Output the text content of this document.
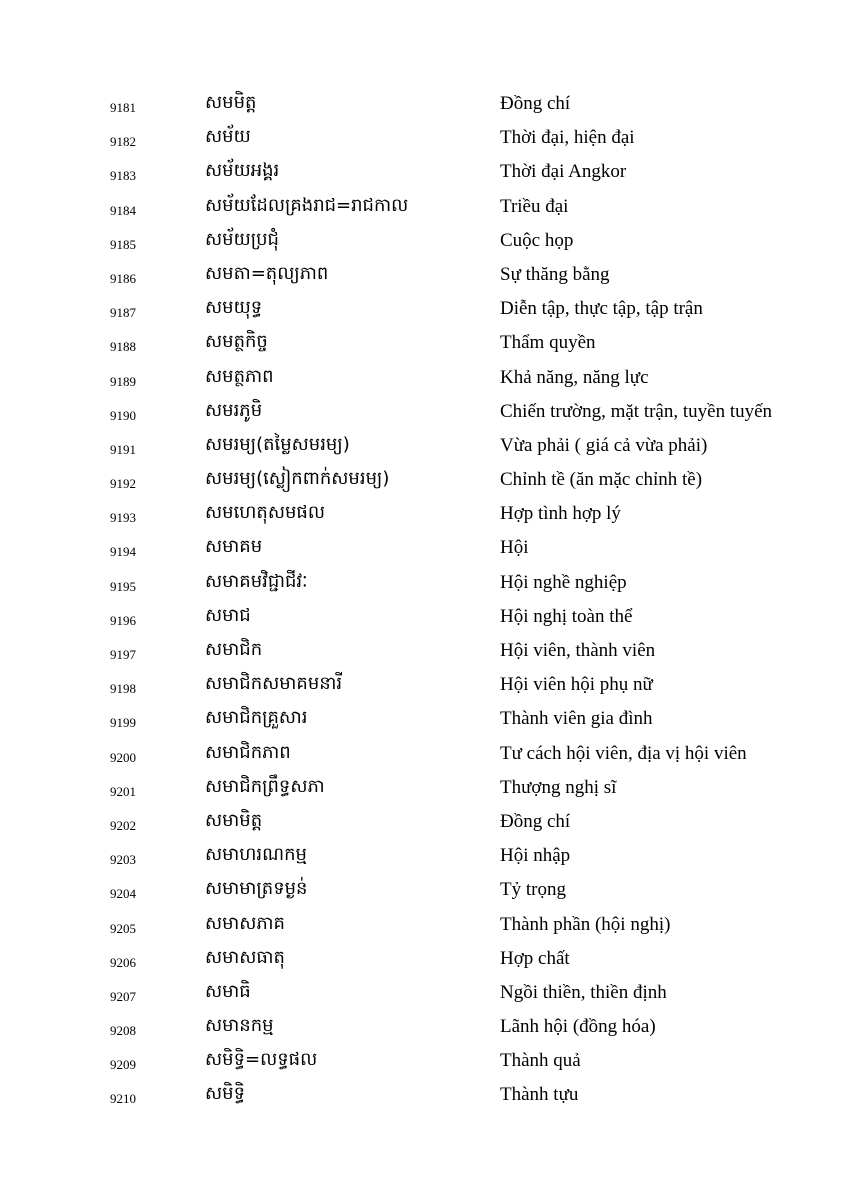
9181	សមមិត្ត	Đồng chí
9182	សម័យ	Thời đại, hiện đại
9183	សម័យអង្គរ	Thời đại Angkor
9184	សម័យដែលគ្រងរាជ=រាជកាល	Triều đại
9185	សម័យប្រជុំ	Cuộc họp
9186	សមតា=តុល្យភាព	Sự thăng bằng
9187	សមយុទ្ធ	Diễn tập, thực tập, tập trận
9188	សមត្ថកិច្ច	Thẩm quyền
9189	សមត្ថភាព	Khả năng, năng lực
9190	សមរភូមិ	Chiến trường, mặt trận, tuyền tuyến
9191	សមរម្យ(តម្លៃសមរម្យ)	Vừa phải ( giá cả vừa phải)
9192	សមរម្យ(ស្លៀកពាក់សមរម្យ)	Chỉnh tề (ăn mặc chỉnh tề)
9193	សមហេតុសមផល	Hợp tình hợp lý
9194	សមាគម	Hội
9195	សមាគមវិជ្ជាជីវៈ	Hội nghề nghiệp
9196	សមាជ	Hội nghị toàn thể
9197	សមាជិក	Hội viên, thành viên
9198	សមាជិកសមាគមនារី	Hội viên hội phụ nữ
9199	សមាជិកគ្រួសារ	Thành viên gia đình
9200	សមាជិកភាព	Tư cách hội viên, địa vị hội viên
9201	សមាជិកព្រឹទ្ធសភា	Thượng nghị sĩ
9202	សមាមិត្ត	Đồng chí
9203	សមាហរណកម្ម	Hội nhập
9204	សមាមាត្រទម្ងន់	Tỷ trọng
9205	សមាសភាគ	Thành phần (hội nghị)
9206	សមាសធាតុ	Hợp chất
9207	សមាធិ	Ngồi thiền, thiền định
9208	សមានកម្ម	Lãnh hội (đồng hóa)
9209	សមិទ្ធិ=លទ្ធផល	Thành quả
9210	សមិទ្ធិ	Thành tựu
